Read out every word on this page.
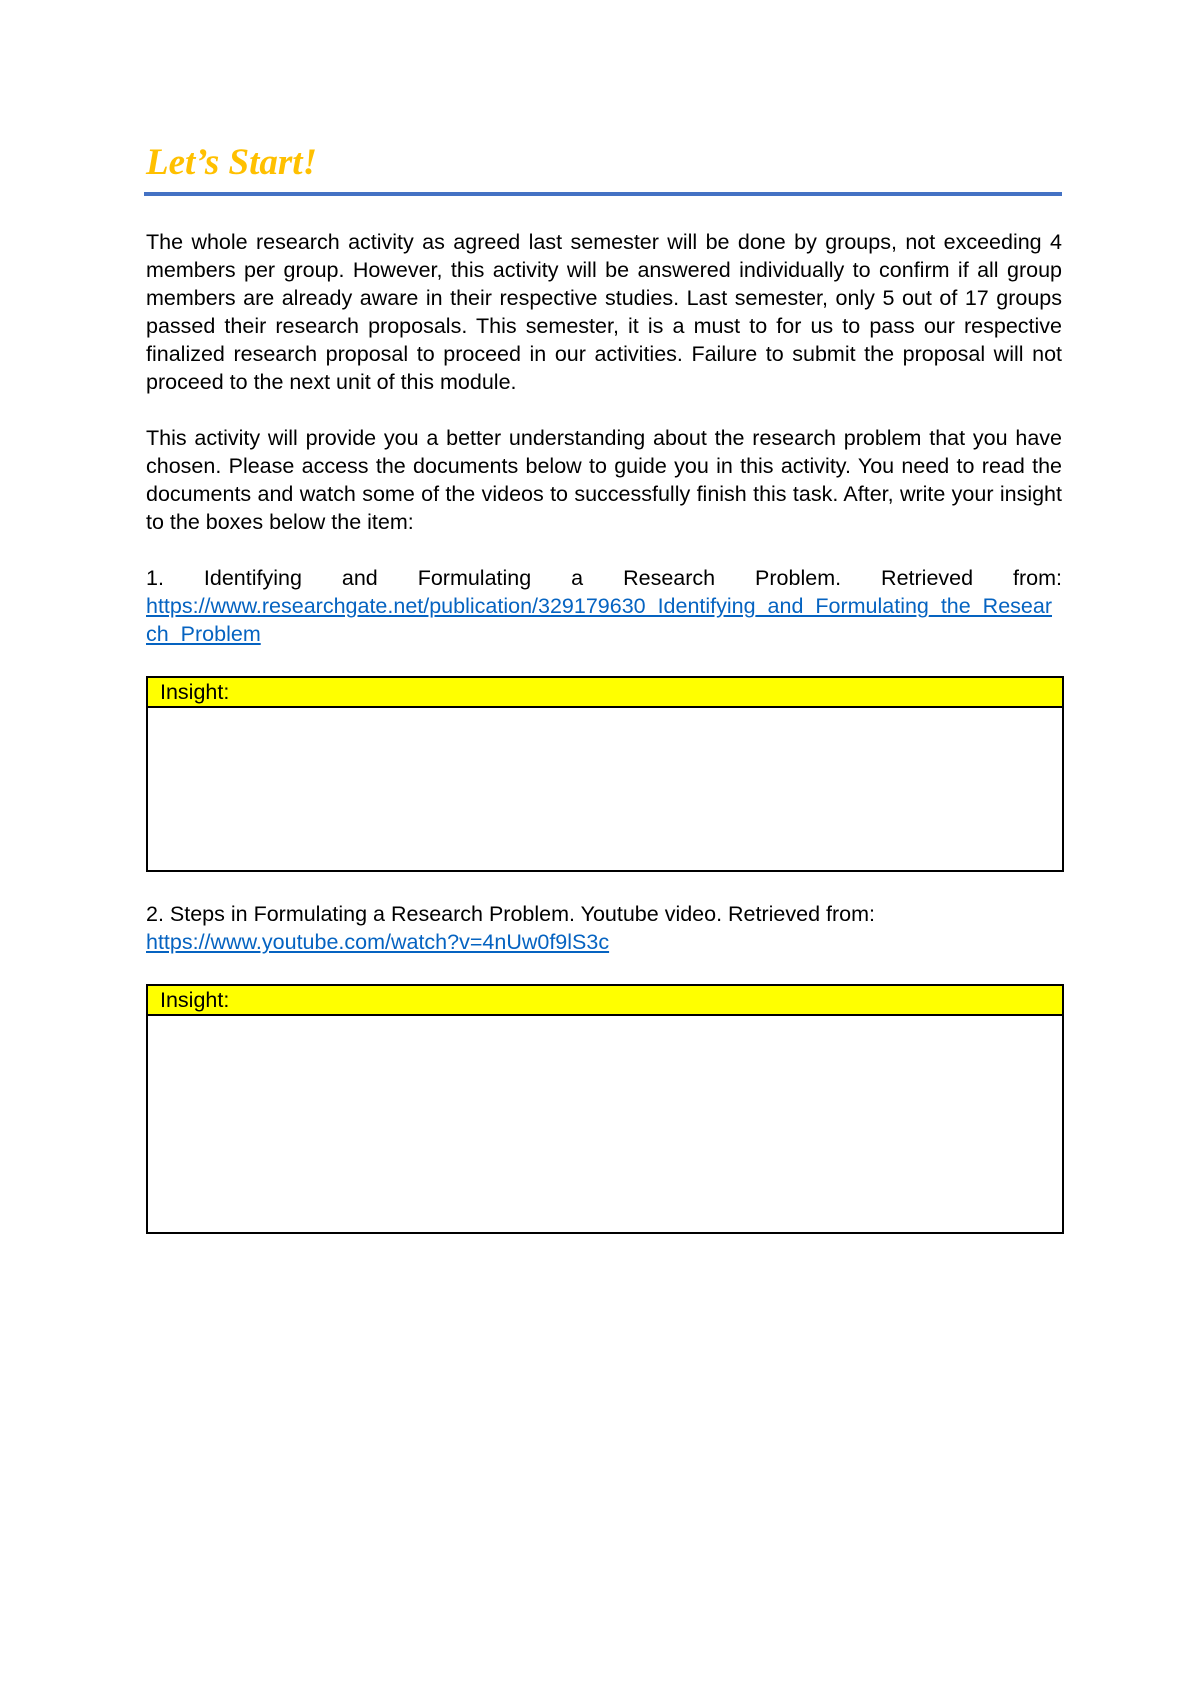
Let’s Start!

The whole research activity as agreed last semester will be done by groups, not exceeding 4 members per group. However, this activity will be answered individually to confirm if all group members are already aware in their respective studies. Last semester, only 5 out of 17 groups passed their research proposals. This semester, it is a must to for us to pass our respective finalized research proposal to proceed in our activities. Failure to submit the proposal will not proceed to the next unit of this module.

This activity will provide you a better understanding about the research problem that you have chosen. Please access the documents below to guide you in this activity. You need to read the documents and watch some of the videos to successfully finish this task. After, write your insight to the boxes below the item:

1. Identifying and Formulating a Research Problem. Retrieved from:
https://www.researchgate.net/publication/329179630_Identifying_and_Formulating_the_Research_Problem
Insight:
2. Steps in Formulating a Research Problem. Youtube video. Retrieved from:
https://www.youtube.com/watch?v=4nUw0f9lS3c
Insight:
